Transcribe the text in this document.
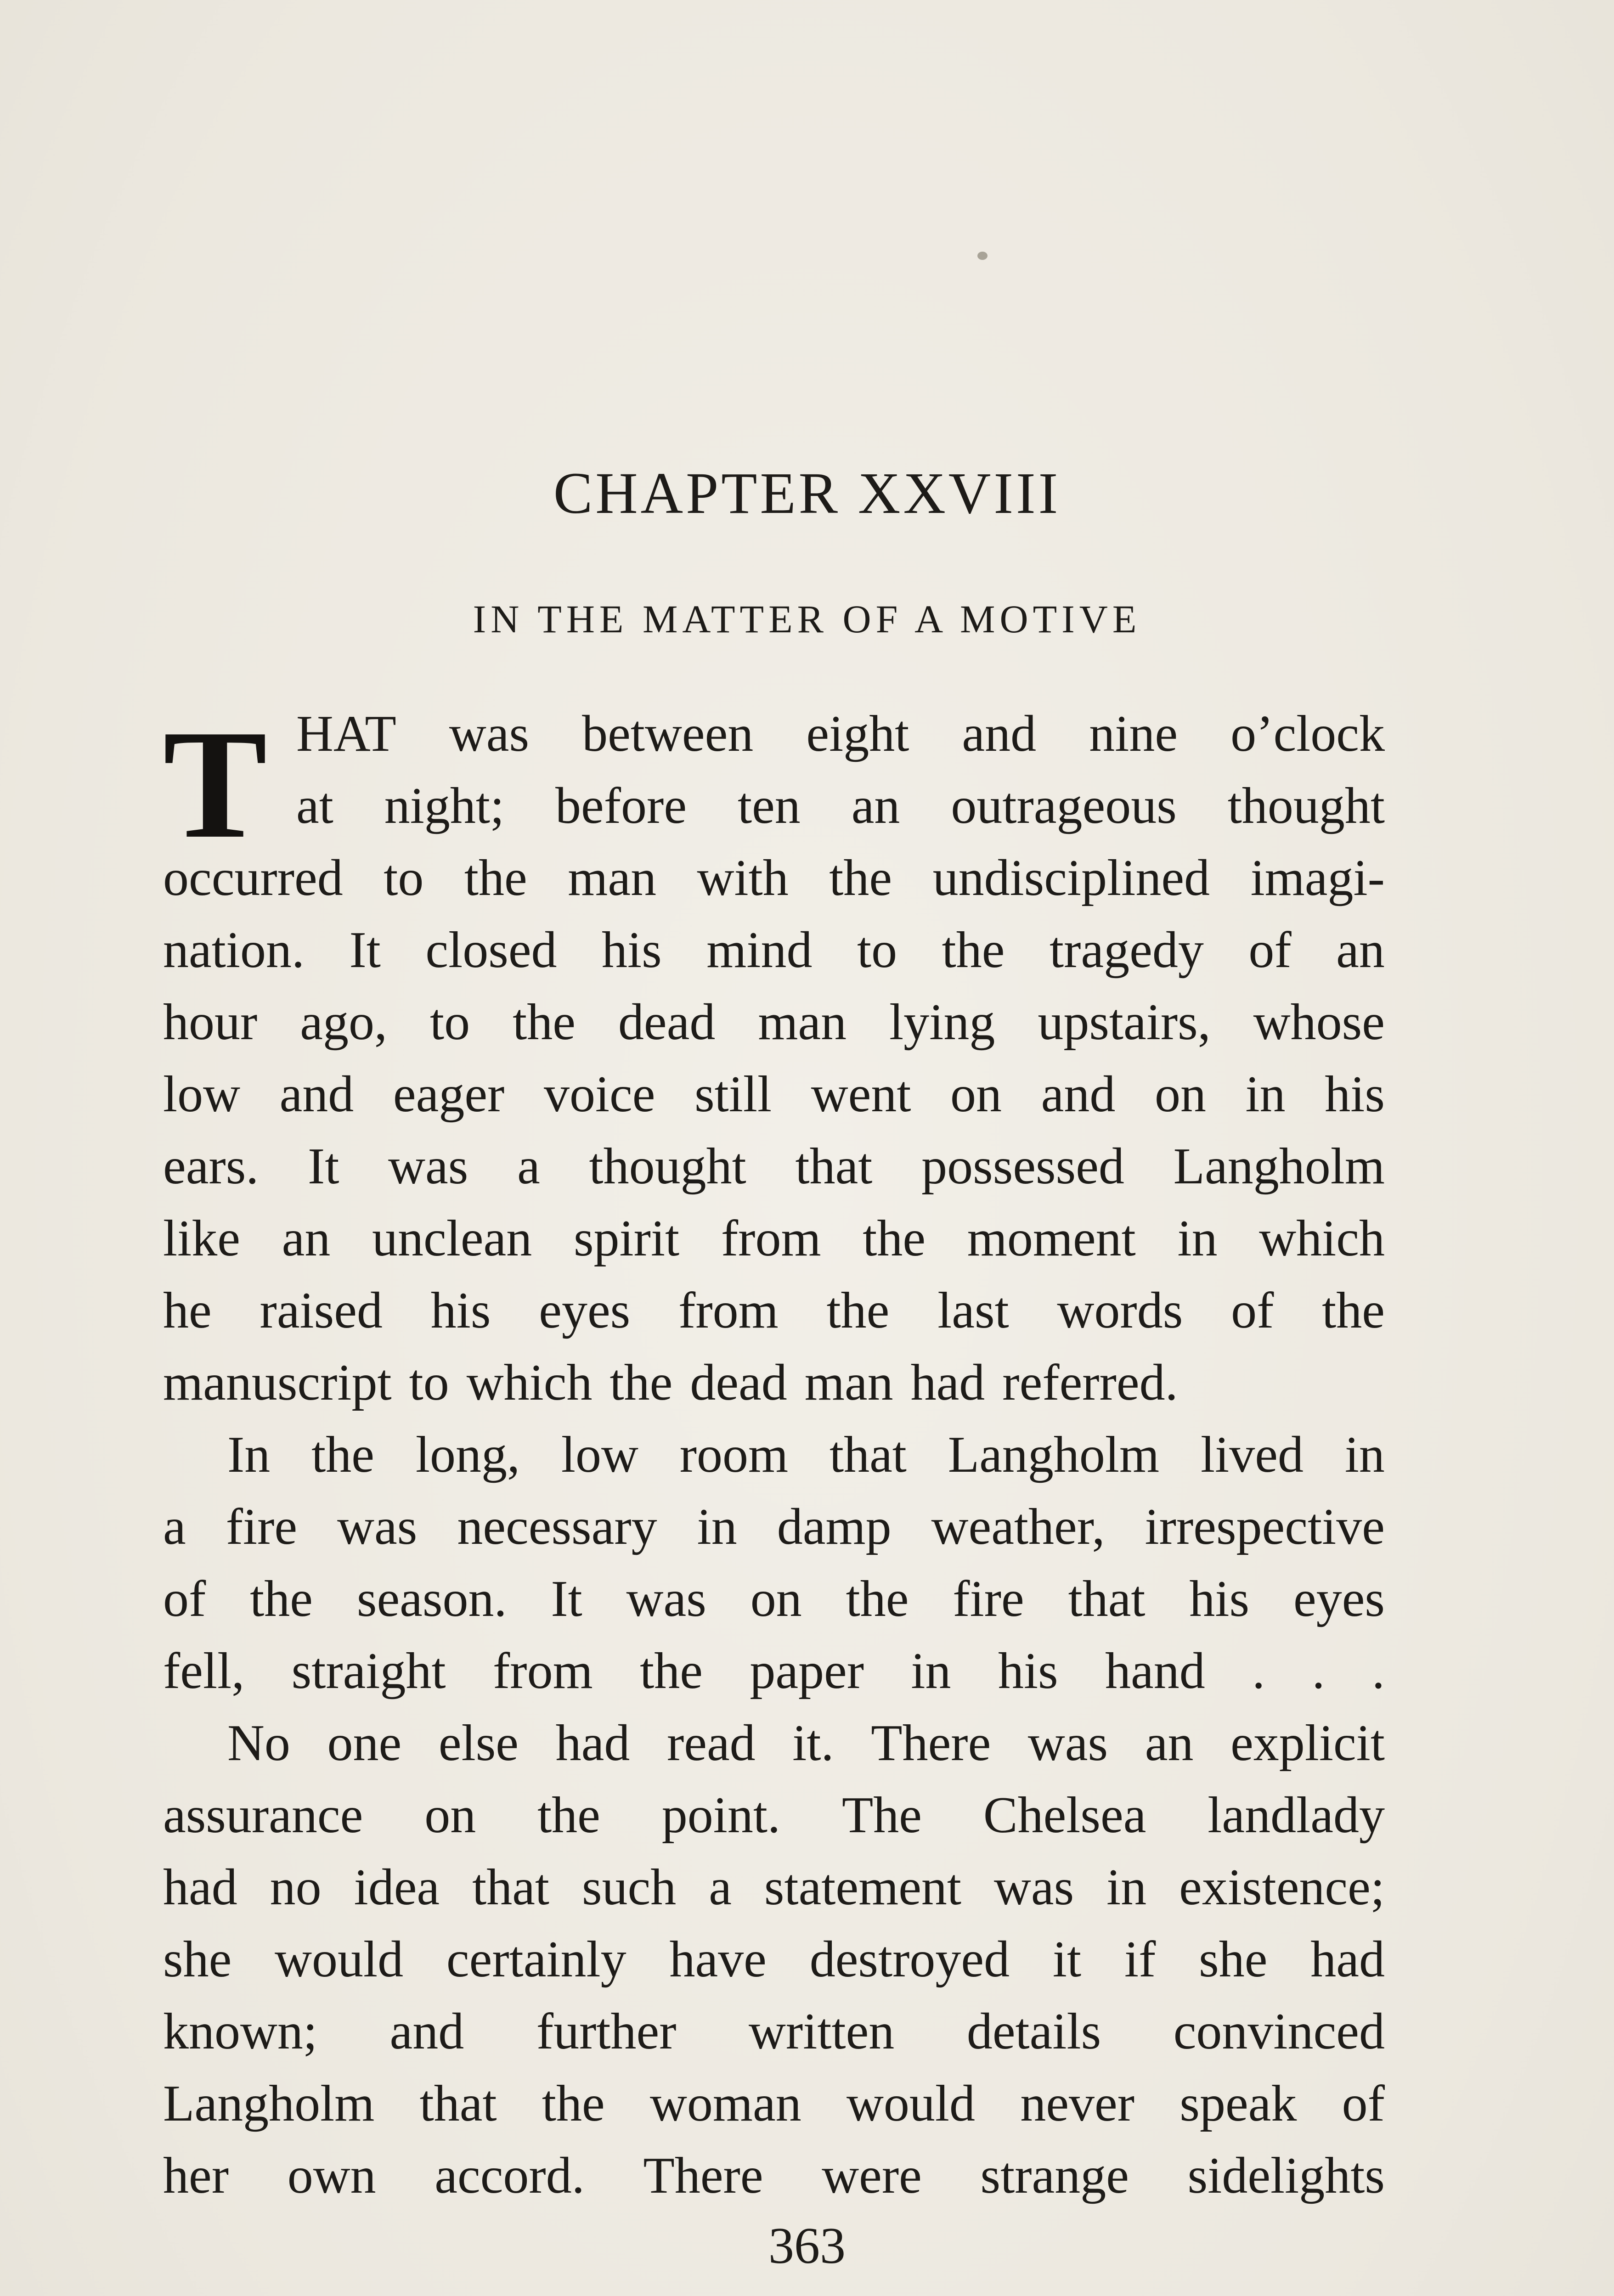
CHAPTER XXVIII
IN THE MATTER OF A MOTIVE
T HAT was between eight and nine o’clock
at night; before ten an outrageous thought
occurred to the man with the undisciplined imagi-
nation. It closed his mind to the tragedy of an
hour ago, to the dead man lying upstairs, whose
low and eager voice still went on and on in his
ears. It was a thought that possessed Langholm
like an unclean spirit from the moment in which
he raised his eyes from the last words of the
manuscript to which the dead man had referred.
In the long, low room that Langholm lived in
a fire was necessary in damp weather, irrespective
of the season. It was on the fire that his eyes
fell, straight from the paper in his hand . . .
No one else had read it. There was an explicit
assurance on the point. The Chelsea landlady
had no idea that such a statement was in existence;
she would certainly have destroyed it if she had
known; and further written details convinced
Langholm that the woman would never speak of
her own accord. There were strange sidelights
363
